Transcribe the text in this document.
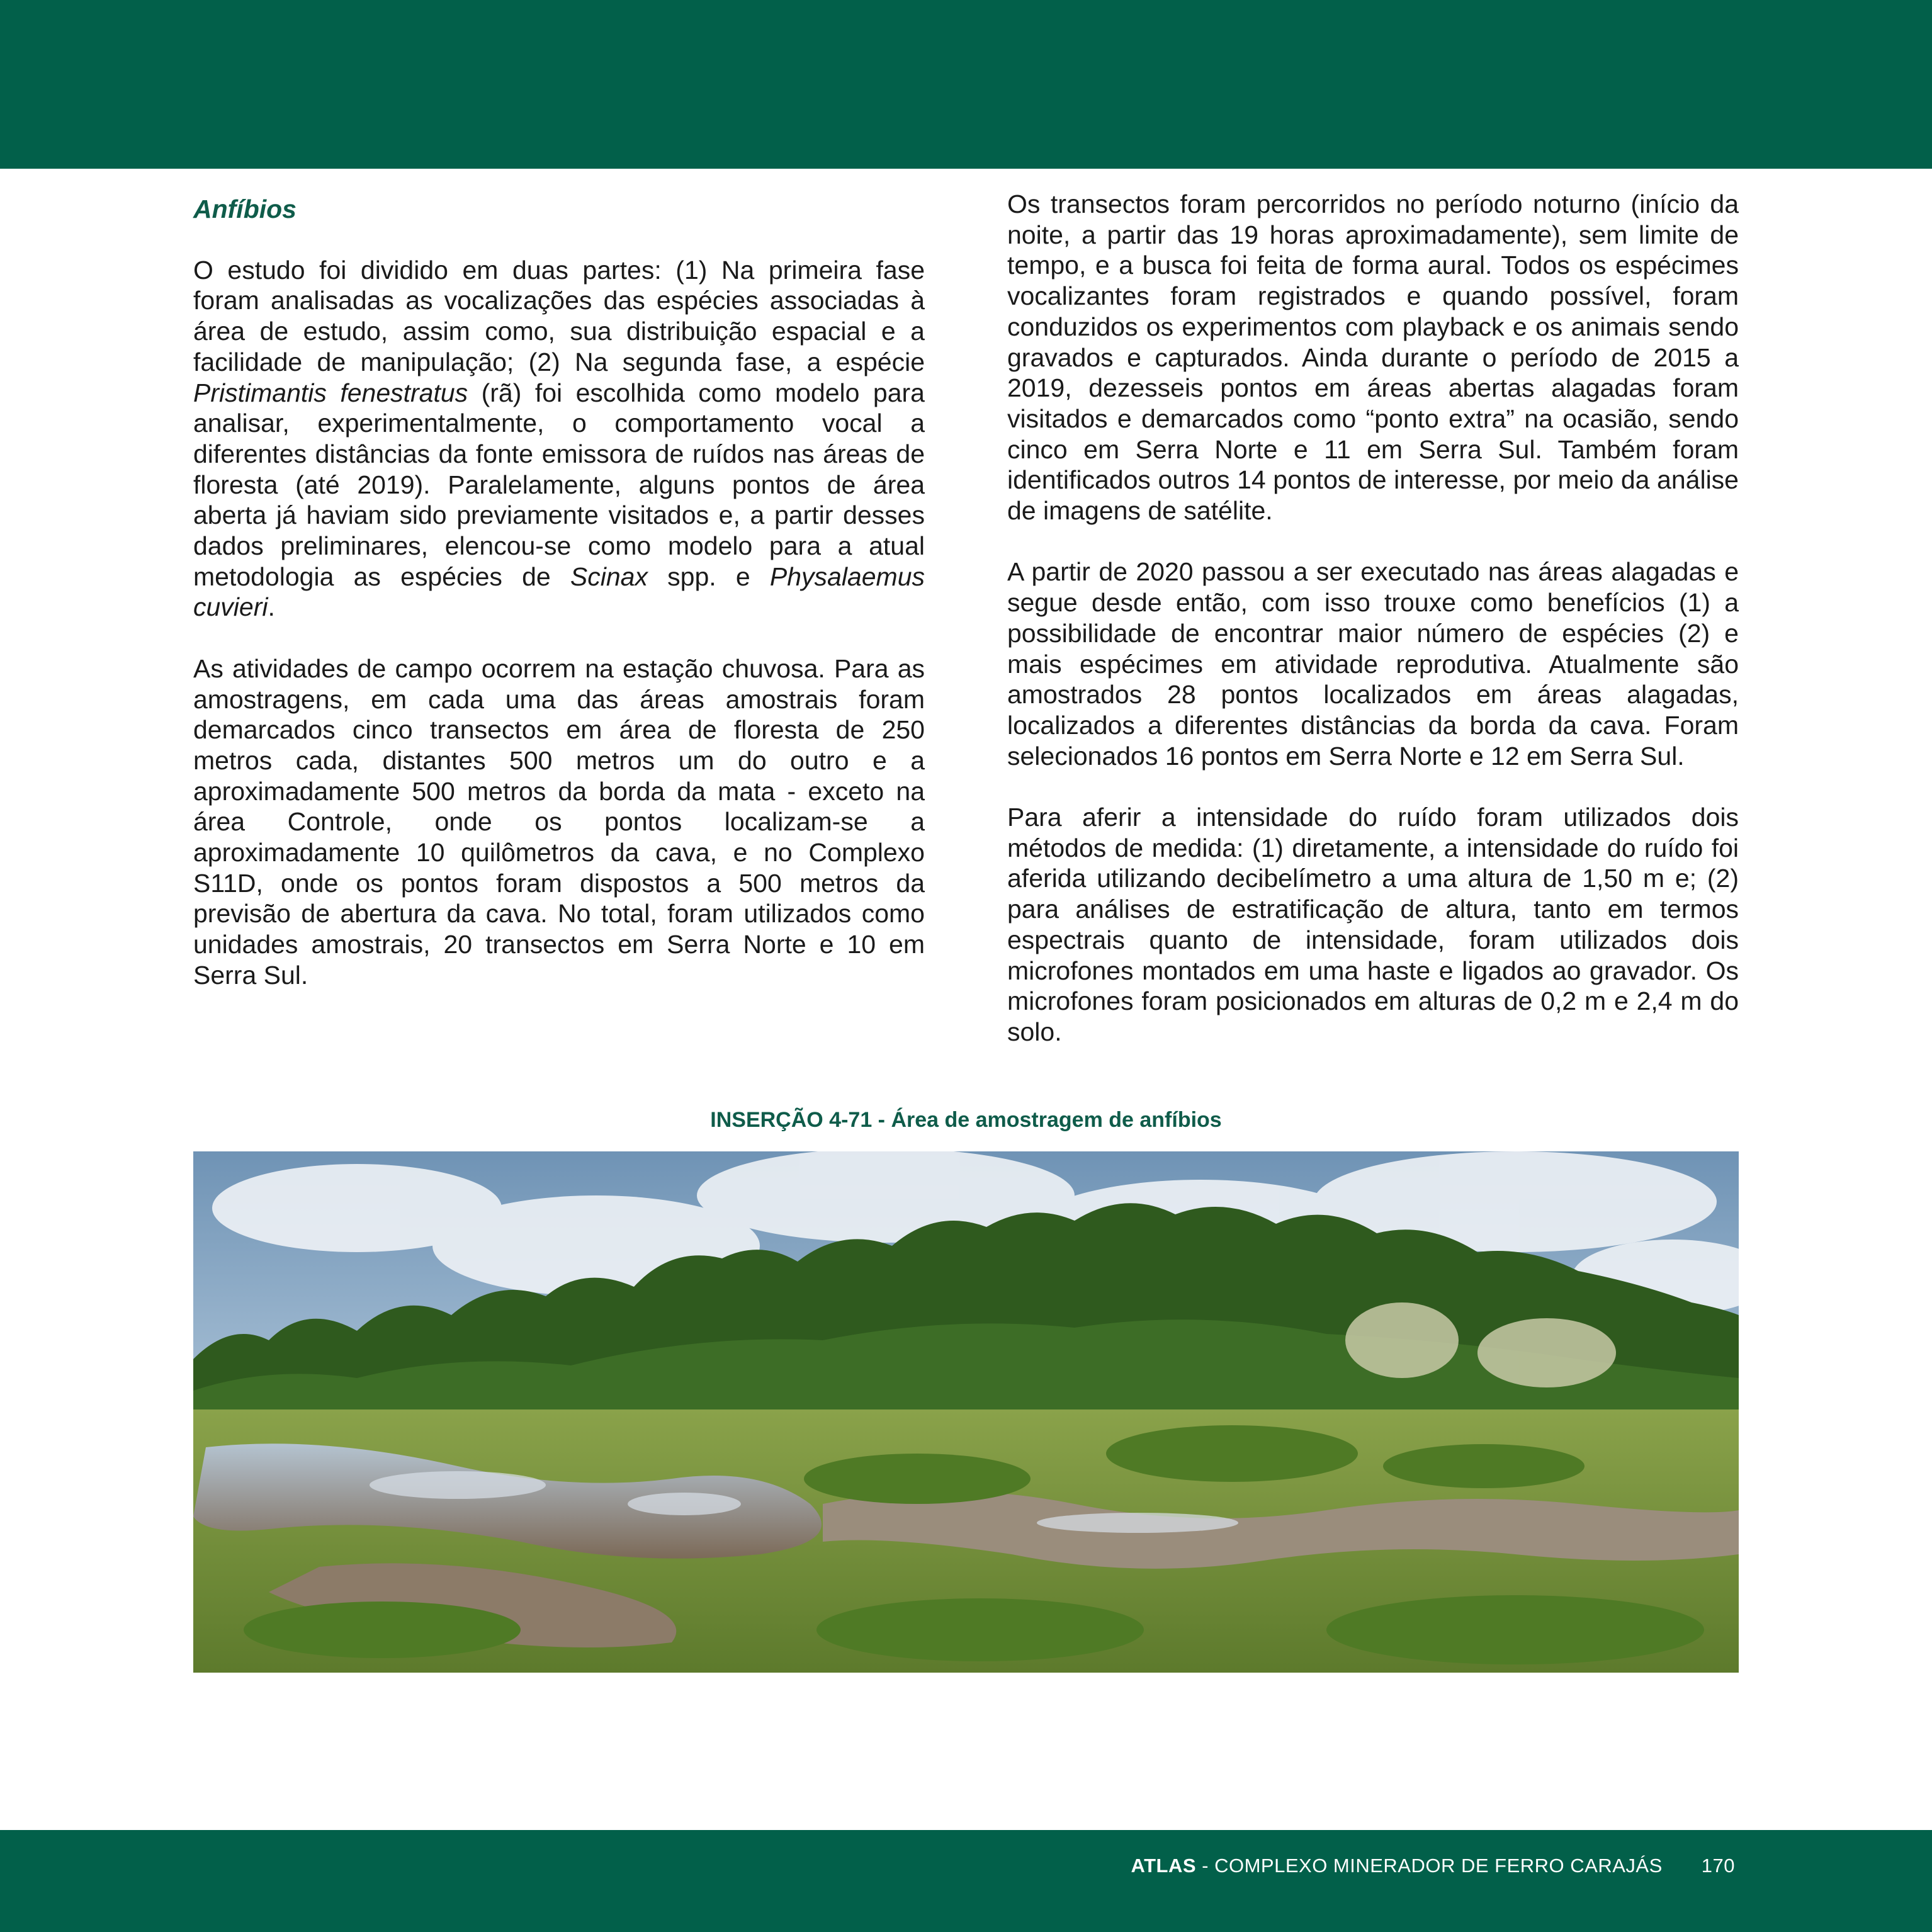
Anfíbios

O estudo foi dividido em duas partes: (1) Na primeira fase foram analisadas as vocalizações das espécies associadas à área de estudo, assim como, sua distribuição espacial e a facilidade de manipulação; (2) Na segunda fase, a espécie Pristimantis fenestratus (rã) foi escolhida como modelo para analisar, experimentalmente, o comportamento vocal a diferentes distâncias da fonte emissora de ruídos nas áreas de floresta (até 2019). Paralelamente, alguns pontos de área aberta já haviam sido previamente visitados e, a partir desses dados preliminares, elencou-se como modelo para a atual metodologia as espécies de Scinax spp. e Physalaemus cuvieri.

As atividades de campo ocorrem na estação chuvosa. Para as amostragens, em cada uma das áreas amostrais foram demarcados cinco transectos em área de floresta de 250 metros cada, distantes 500 metros um do outro e a aproximadamente 500 metros da borda da mata - exceto na área Controle, onde os pontos localizam-se a aproximadamente 10 quilômetros da cava, e no Complexo S11D, onde os pontos foram dispostos a 500 metros da previsão de abertura da cava. No total, foram utilizados como unidades amostrais, 20 transectos em Serra Norte e 10 em Serra Sul.

Os transectos foram percorridos no período noturno (início da noite, a partir das 19 horas aproximadamente), sem limite de tempo, e a busca foi feita de forma aural. Todos os espécimes vocalizantes foram registrados e quando possível, foram conduzidos os experimentos com playback e os animais sendo gravados e capturados. Ainda durante o período de 2015 a 2019, dezesseis pontos em áreas abertas alagadas foram visitados e demarcados como “ponto extra” na ocasião, sendo cinco em Serra Norte e 11 em Serra Sul. Também foram identificados outros 14 pontos de interesse, por meio da análise de imagens de satélite.

A partir de 2020 passou a ser executado nas áreas alagadas e segue desde então, com isso trouxe como benefícios (1) a possibilidade de encontrar maior número de espécies (2) e mais espécimes em atividade reprodutiva. Atualmente são amostrados 28 pontos localizados em áreas alagadas, localizados a diferentes distâncias da borda da cava. Foram selecionados 16 pontos em Serra Norte e 12 em Serra Sul.

Para aferir a intensidade do ruído foram utilizados dois métodos de medida: (1) diretamente, a intensidade do ruído foi aferida utilizando decibelímetro a uma altura de 1,50 m e; (2) para análises de estratificação de altura, tanto em termos espectrais quanto de intensidade, foram utilizados dois microfones montados em uma haste e ligados ao gravador. Os microfones foram posicionados em alturas de 0,2 m e 2,4 m do solo.

INSERÇÃO 4-71 - Área de amostragem de anfíbios
ATLAS - COMPLEXO MINERADOR DE FERRO CARAJÁS 170
